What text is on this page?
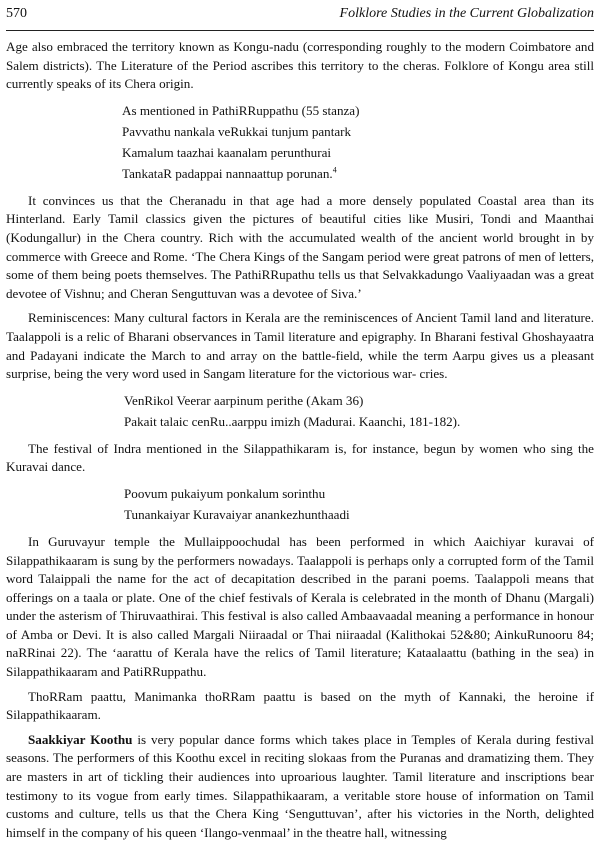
570	Folklore Studies in the Current Globalization

Age also embraced the territory known as Kongu-nadu (corresponding roughly to the modern Coimbatore and Salem districts). The Literature of the Period ascribes this territory to the cheras. Folklore of Kongu area still currently speaks of its Chera origin.

As mentioned in PathiRRuppathu (55 stanza)
Pavvathu nankala veRukkai tunjum pantark
Kamalum taazhai kaanalam perunthurai
TankataR padappai nannaattup porunan.$^4$

It convinces us that the Cheranadu in that age had a more densely populated Coastal area than its Hinterland. Early Tamil classics given the pictures of beautiful cities like Musiri, Tondi and Maanthai (Kodungallur) in the Chera country. Rich with the accumulated wealth of the ancient world brought in by commerce with Greece and Rome. ‘The Chera Kings of the Sangam period were great patrons of men of letters, some of them being poets themselves. The PathiRRupathu tells us that Selvakkadungo Vaaliyaadan was a great devotee of Vishnu; and Cheran Senguttuvan was a devotee of Siva.’

Reminiscences: Many cultural factors in Kerala are the reminiscences of Ancient Tamil land and literature. Taalappoli is a relic of Bharani observances in Tamil literature and epigraphy. In Bharani festival Ghoshayaatra and Padayani indicate the March to and array on the battle-field, while the term Aarpu gives us a pleasant surprise, being the very word used in Sangam literature for the victorious war- cries.

VenRikol Veerar aarpinum perithe (Akam 36)
Pakait talaic cenRu..aarppu imizh (Madurai. Kaanchi, 181-182).

The festival of Indra mentioned in the Silappathikaram is, for instance, begun by women who sing the Kuravai dance.

Poovum pukaiyum ponkalum sorinthu
Tunankaiyar Kuravaiyar anankezhunthaadi

In Guruvayur temple the Mullaippoochudal has been performed in which Aaichiyar kuravai of Silappathikaaram is sung by the performers nowadays. Taalappoli is perhaps only a corrupted form of the Tamil word Talaippali the name for the act of decapitation described in the parani poems. Taalappoli means that offerings on a taala or plate. One of the chief festivals of Kerala is celebrated in the month of Dhanu (Margali) under the asterism of Thiruvaathirai. This festival is also called Ambaavaadal meaning a performance in honour of Amba or Devi. It is also called Margali Niiraadal or Thai niiraadal (Kalithokai 52&80; AinkuRunooru 84; naRRinai 22). The ‘aarattu of Kerala have the relics of Tamil literature; Kataalaattu (bathing in the sea) in Silappathikaaram and PatiRRuppathu.

ThoRRam paattu, Manimanka thoRRam paattu is based on the myth of Kannaki, the heroine if Silappathikaaram.

Saakkiyar Koothu is very popular dance forms which takes place in Temples of Kerala during festival seasons. The performers of this Koothu excel in reciting slokaas from the Puranas and dramatizing them. They are masters in art of tickling their audiences into uproarious laughter. Tamil literature and inscriptions bear testimony to its vogue from early times. Silappathikaaram, a veritable store house of information on Tamil customs and culture, tells us that the Chera King ‘Senguttuvan’, after his victories in the North, delighted himself in the company of his queen ‘Ilango-venmaal’ in the theatre hall, witnessing
